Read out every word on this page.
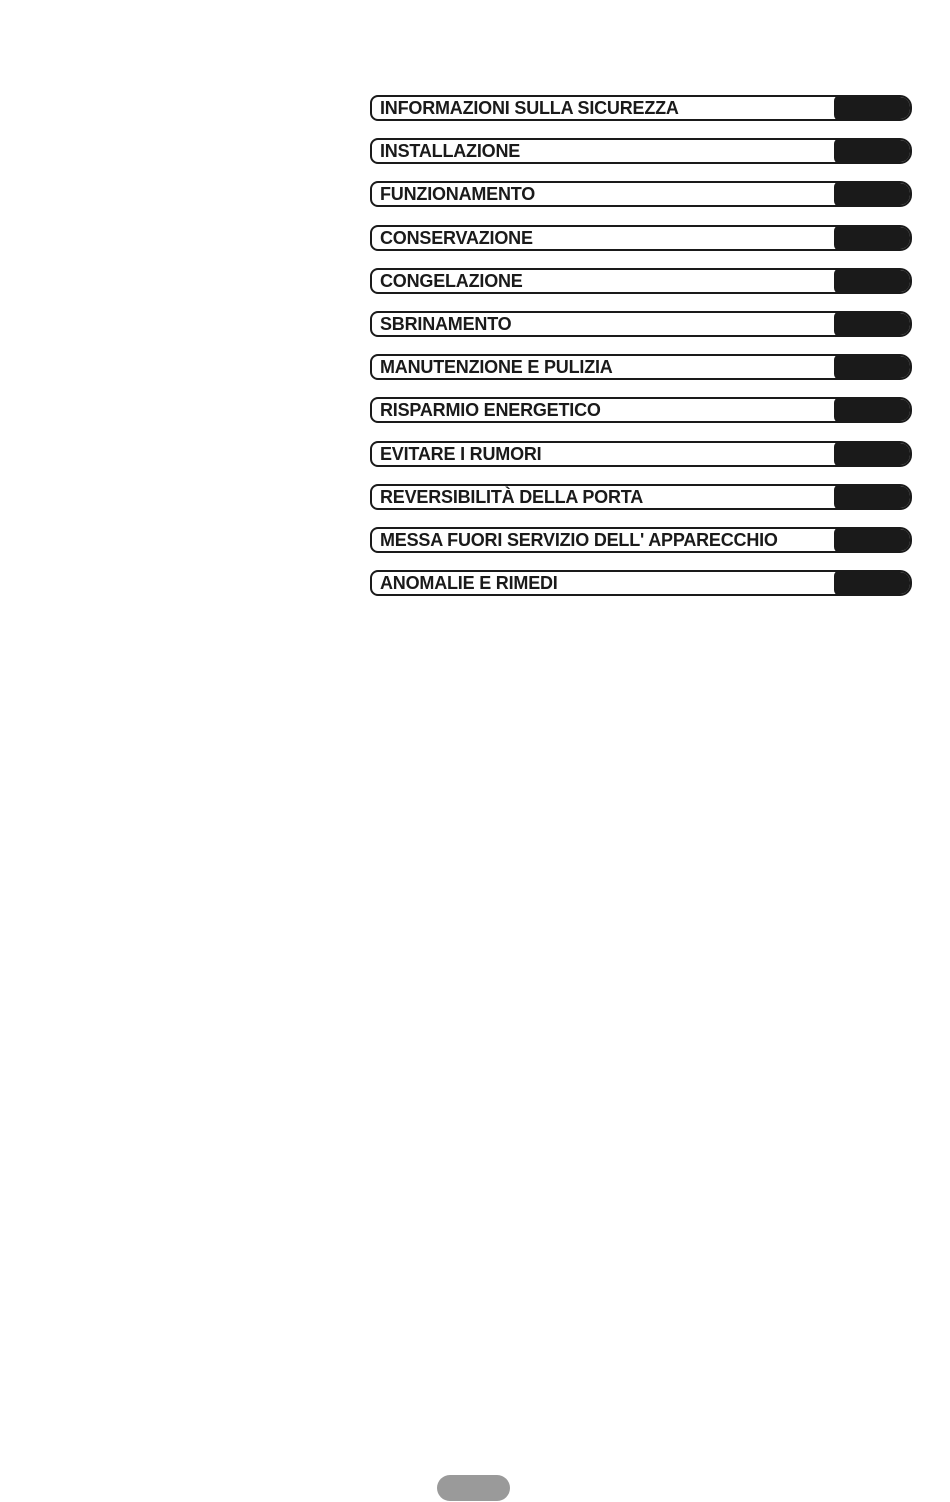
INFORMAZIONI SULLA SICUREZZA
INSTALLAZIONE
FUNZIONAMENTO
CONSERVAZIONE
CONGELAZIONE
SBRINAMENTO
MANUTENZIONE E PULIZIA
RISPARMIO ENERGETICO
EVITARE I RUMORI
REVERSIBILITÀ DELLA PORTA
MESSA FUORI SERVIZIO DELL' APPARECCHIO
ANOMALIE E RIMEDI
